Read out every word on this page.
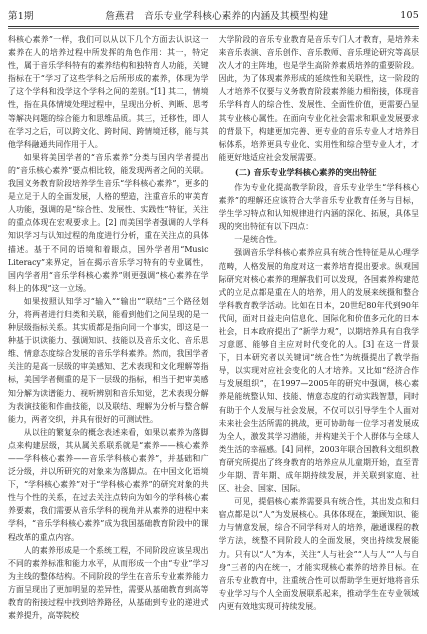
第1期	詹燕君　音乐专业学科核心素养的内涵及其模型构建	105

科核心素养”一样，我们可以从以下几个方面去认识这一素养在人的培养过程中所发挥的角色作用：其一，特定性，属于音乐学科特有的素养结构和独特育人功能，关键指标在于“学习了这些学科之后所形成的素养，体现为学了这个学科和没学这个学科之间的差别。”[1] 其二，情境性，指在具体情境处理过程中，呈现出分析、判断、思考等解决问题的综合能力和思维品质。其三，迁移性，即人在学习之后，可以跨文化、跨时间、跨情境迁移，能与其他学科融通共同作用于人。

如果将美国学者的“音乐素养”分类与国内学者提出的“音乐核心素养”要点相比较，能发现两者之间的关联。我国义务教育阶段培养学生音乐“学科核心素养”，更多的是立足于人的全面发展，人格的塑造，注重音乐的审美育人功能，强调的是“综合性、发展性、实践性”特征，关注的重点体现在宏观要求上。[2] 而美国学者强调的人学科知识学习与认知过程的角度进行分析，重在关注点的具体描述。基于不同的语境和着眼点，国外学者用“Music Literacy”来界定，旨在揭示音乐学习特有的专业属性，国内学者用“音乐学科核心素养”则更强调“核心素养在学科上的体现”这一立场。

如果按照认知学习“输入”“输出”“联结”三个路径划分，将两者进行归类和关联，能看到他们之间呈现的是一种层级指标关系。其实质都是指向同一个事实，即这是一种基于识读能力、强调知识、技能以及音乐文化、音乐思维、情意态度综合发展的音乐学科素养。然而，我国学者关注的是高一层级的审美感知、艺术表现和文化理解等指标，美国学者侧重的是下一层级的指标，相当于把审美感知分解为读谱能力、视听辨别和音乐知觉，艺术表现分解为表演技能和作曲技能，以及联结、理解为分析与整合解能力，两者交织，并具有很好的可测试性。

从以往的繁复杂的概念表述来看，如果以素养为落脚点来构建层级，其从属关系联系就是“素养——核心素养——学科核心素养——音乐学科核心素养”，并基础和广泛分级，并以所研究的对象来为落脚点。在中国文化语境下，“学科核心素养”对于“学科核心素养”的研究对象的共性与个性的关系，在过去关注点转向为如今的学科核心素养要素，我们需要从音乐学科的视角并从素养的进程中来学科，“音乐学科核心素养”成为我国基础教育阶段中的课程改革的重点内容。

人的素养形成是一个系统工程，不同阶段应该呈现出不同的素养标准和能力水平，从而形成一个由“专业”学习为主线的整体结构。不同阶段的学生在音乐专业素养能力方面呈现出了更加明显的差异性，需要从基础教育到高等教育的衔接过程中找到培养路径，从基础到专业的递进式素养提升，高等院校

大学阶段的音乐专业教育是音乐专门人才教育，是培养未来音乐表演、音乐创作、音乐教师、音乐理论研究等高层次人才的主阵地，也是学生高阶养素质培养的重要阶段。因此，为了体现素养形成的延续性和关联性，这一阶段的人才培养不仅要与义务教育阶段素养能力相衔接，体现音乐学科育人的综合性、发展性、全面性价值，更需要凸显其专业核心属性。在面向专业化社会需求和职业发展要求的背景下，构建更加完善、更专业的音乐专业人才培养目标体系，培养更具专业化、实用性和综合型专业人才，才能更好地适应社会发展需要。

(二) 音乐专业学科核心素养的突出特征

作为专业化提高教学阶段，音乐专业学生“学科核心素养”的理解还应该符合大学音乐专业教育任务与目标，学生学习特点和认知规律进行内涵的深化、拓展，具体呈现的突出特征有以下四点：

一是统合性。

强调音乐学科核心素养应具有统合性特征是从心理学范畴，人格发展的角度对这一素养培育提出要求。纵观国际研究对核心素养的理解我们可以发现，各国素养构建范式的立足点都是重在人的培养，用人的发展来统摄和整合学科教育教学活动。比如在日本，20世纪80年代到90年代间，面对日益走向信息化、国际化和价值多元化的日本社会，日本政府提出了“新学力观”，以期培养具有自我学习意愿、能够自主应对时代变化的人。[3] 在这一背景下，日本研究者以关键词“统合性”为统摄提出了教学指导，以实现对应社会变化的人才培养。又比如“经济合作与发展组织”，在1997—2005年的研究中强调，核心素养是能统整认知、技能、情意态度的行动实践智慧，同时有助于个人发展与社会发展，不仅可以引导学生个人面对未来社会生活所需的挑战，更可协助每一位学习者发展成为全人，激发其学习潜能，并构建关于个人群体与全球人类生活的幸福感。[4] 同样，2003年联合国教科文组织教育研究所提出了终身教育的培养应从儿童期开始，直至青少年期、青年期、成年期持续发展，并关联到家庭、社区、社会、国家、国际。

可见，提倡核心素养需要具有统合性，其出发点和归宿点都是以“人”为发展核心。具体体现在，兼顾知识、能力与情意发展，综合不同学科对人的培养，融通课程的教学方法，统整不同阶段人的全面发展，突出持续发展能力。只有以“人”为本，关注“人与社会”“人与人”“人与自身”三者的内在统一，才能实现核心素养的培养目标。在音乐专业教育中，注重统合性可以帮助学生更好地将音乐专业学习与个人全面发展联系起来，推动学生在专业领域内更有效地实现可持续发展。
